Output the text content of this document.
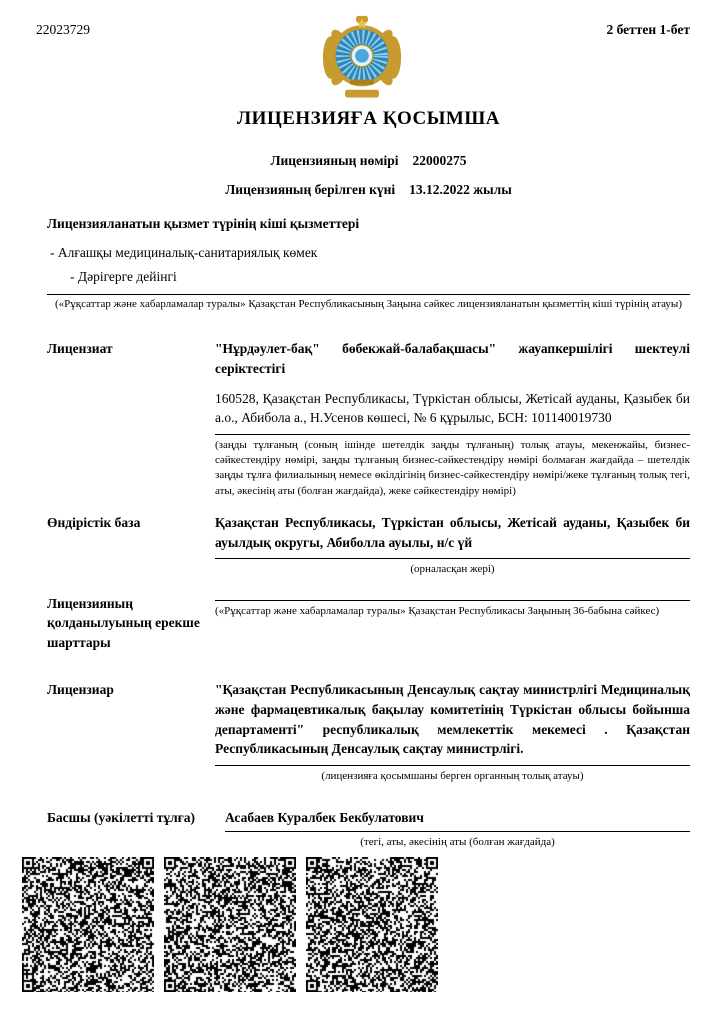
22023729	2 беттен 1-бет
ЛИЦЕНЗИЯҒА ҚОСЫМША
Лицензияның нөмірі 22000275
Лицензияның берілген күні 13.12.2022 жылы
Лицензияланатын қызмет түрінің кіші қызметтері
- Алғашқы медициналық-санитариялық көмек
- Дәрігерге дейінгі
(«Рұқсаттар және хабарламалар туралы» Қазақстан Республикасының Заңына сәйкес лицензияланатын қызметтің кіші түрінің атауы)
Лицензиат	"Нұрдәулет-бақ" бөбекжай-балабақшасы" жауапкершілігі шектеулі серіктестігі
160528, Қазақстан Республикасы, Түркістан облысы, Жетісай ауданы, Қазыбек би а.о., Абибола а., Н.Усенов көшесі, № 6 құрылыс, БСН: 101140019730
(заңды тұлғаның (соның ішінде шетелдік заңды тұлғаның) толық атауы, мекенжайы, бизнес-сәйкестендіру нөмірі, заңды тұлғаның бизнес-сәйкестендіру нөмірі болмаған жағдайда – шетелдік заңды тұлға филиалының немесе өкілдігінің бизнес-сәйкестендіру нөмірі/жеке тұлғаның толық тегі, аты, әкесінің аты (болған жағдайда), жеке сәйкестендіру нөмірі)
Өндірістік база	Қазақстан Республикасы, Түркістан облысы, Жетісай ауданы, Қазыбек би ауылдық округы, Абиболла ауылы, н/с үй
(орналасқан жері)
Лицензияның қолданылуының ерекше шарттары
(«Рұқсаттар және хабарламалар туралы» Қазақстан Республикасы Заңының 36-бабына сәйкес)
Лицензиар	"Қазақстан Республикасының Денсаулық сақтау министрлігі Медициналық және фармацевтикалық бақылау комитетінің Түркістан облысы бойынша департаменті" республикалық мемлекеттік мекемесі . Қазақстан Республикасының Денсаулық сақтау министрлігі.
(лицензияға қосымшаны берген органның толық атауы)
Басшы (уәкілетті тұлға)	Асабаев Куралбек Бекбулатович
(тегі, аты, әкесінің аты (болған жағдайда)
